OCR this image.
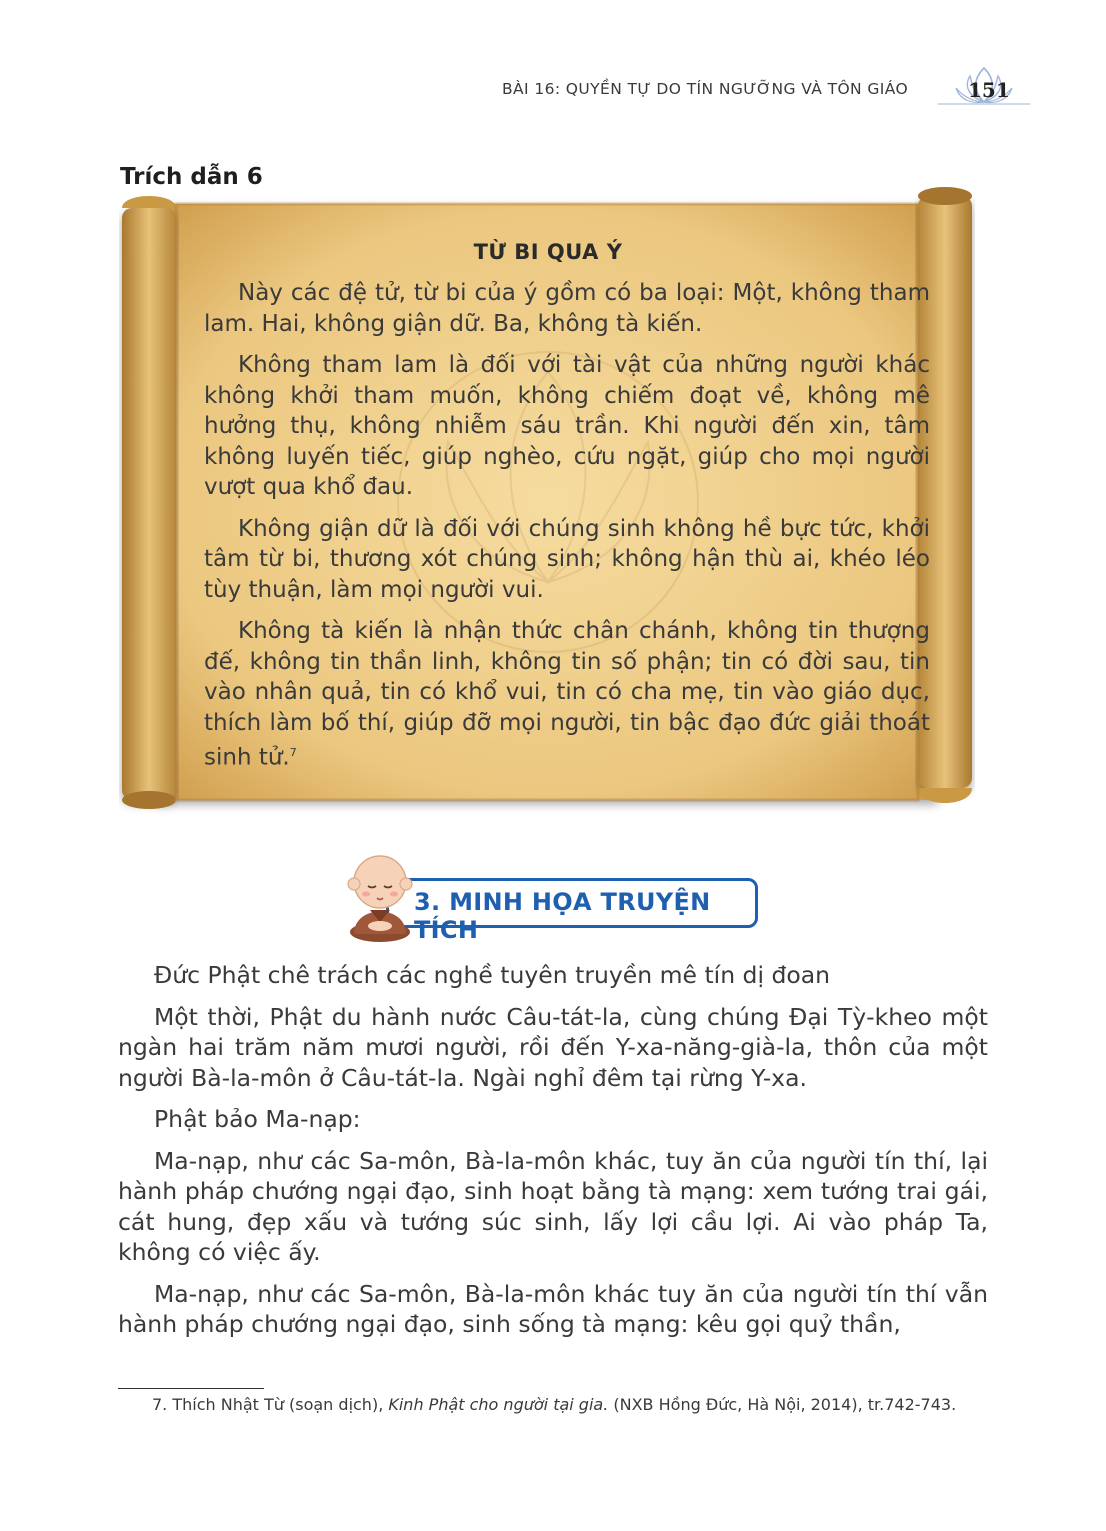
BÀI 16: QUYỀN TỰ DO TÍN NGƯỠNG VÀ TÔN GIÁO	151
Trích dẫn 6
TỪ BI QUA Ý

Này các đệ tử, từ bi của ý gồm có ba loại: Một, không tham lam. Hai, không giận dữ. Ba, không tà kiến.

Không tham lam là đối với tài vật của những người khác không khởi tham muốn, không chiếm đoạt về, không mê hưởng thụ, không nhiễm sáu trần. Khi người đến xin, tâm không luyến tiếc, giúp nghèo, cứu ngặt, giúp cho mọi người vượt qua khổ đau.

Không giận dữ là đối với chúng sinh không hề bực tức, khởi tâm từ bi, thương xót chúng sinh; không hận thù ai, khéo léo tùy thuận, làm mọi người vui.

Không tà kiến là nhận thức chân chánh, không tin thượng đế, không tin thần linh, không tin số phận; tin có đời sau, tin vào nhân quả, tin có khổ vui, tin có cha mẹ, tin vào giáo dục, thích làm bố thí, giúp đỡ mọi người, tin bậc đạo đức giải thoát sinh tử.$^7$

3. MINH HỌA TRUYỆN TÍCH

Đức Phật chê trách các nghề tuyên truyền mê tín dị đoan

Một thời, Phật du hành nước Câu-tát-la, cùng chúng Đại Tỳ-kheo một ngàn hai trăm năm mươi người, rồi đến Y-xa-năng-già-la, thôn của một người Bà-la-môn ở Câu-tát-la. Ngài nghỉ đêm tại rừng Y-xa.

Phật bảo Ma-nạp:

Ma-nạp, như các Sa-môn, Bà-la-môn khác, tuy ăn của người tín thí, lại hành pháp chướng ngại đạo, sinh hoạt bằng tà mạng: xem tướng trai gái, cát hung, đẹp xấu và tướng súc sinh, lấy lợi cầu lợi. Ai vào pháp Ta, không có việc ấy.

Ma-nạp, như các Sa-môn, Bà-la-môn khác tuy ăn của người tín thí vẫn hành pháp chướng ngại đạo, sinh sống tà mạng: kêu gọi quỷ thần,

7. Thích Nhật Từ (soạn dịch), Kinh Phật cho người tại gia. (NXB Hồng Đức, Hà Nội, 2014), tr.742-743.
